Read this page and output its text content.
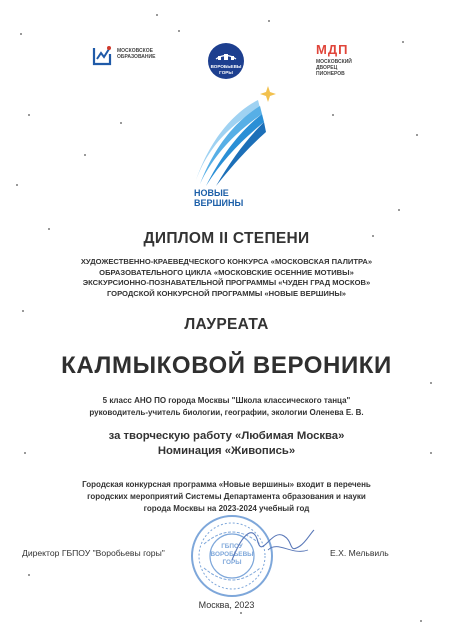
МОСКОВСКОЕ
ОБРАЗОВАНИЕ
ВОРОБЬЕВЫ
ГОРЫ
МДП
МОСКОВСКИЙ
ДВОРЕЦ
ПИОНЕРОВ
НОВЫЕ
ВЕРШИНЫ
ДИПЛОМ II СТЕПЕНИ
ХУДОЖЕСТВЕННО-КРАЕВЕДЧЕСКОГО КОНКУРСА «МОСКОВСКАЯ ПАЛИТРА»
ОБРАЗОВАТЕЛЬНОГО ЦИКЛА «МОСКОВСКИЕ ОСЕННИЕ МОТИВЫ»
ЭКСКУРСИОННО-ПОЗНАВАТЕЛЬНОЙ ПРОГРАММЫ «ЧУДЕН ГРАД МОСКОВ»
ГОРОДСКОЙ КОНКУРСНОЙ ПРОГРАММЫ «НОВЫЕ ВЕРШИНЫ»
ЛАУРЕАТА
КАЛМЫКОВОЙ ВЕРОНИКИ
5 класс АНО ПО города Москвы "Школа классического танца"
руководитель-учитель биологии, географии, экологии Оленева Е. В.
за творческую работу «Любимая Москва»
Номинация «Живопись»
Городская конкурсная программа «Новые вершины» входит в перечень
городских мероприятий Системы Департамента образования и науки
города Москвы на 2023-2024 учебный год
ГБПОУ
ВОРОБЬЕВЫ
ГОРЫ
Директор ГБПОУ "Воробьевы горы"	Е.Х. Мельвиль
Москва, 2023
